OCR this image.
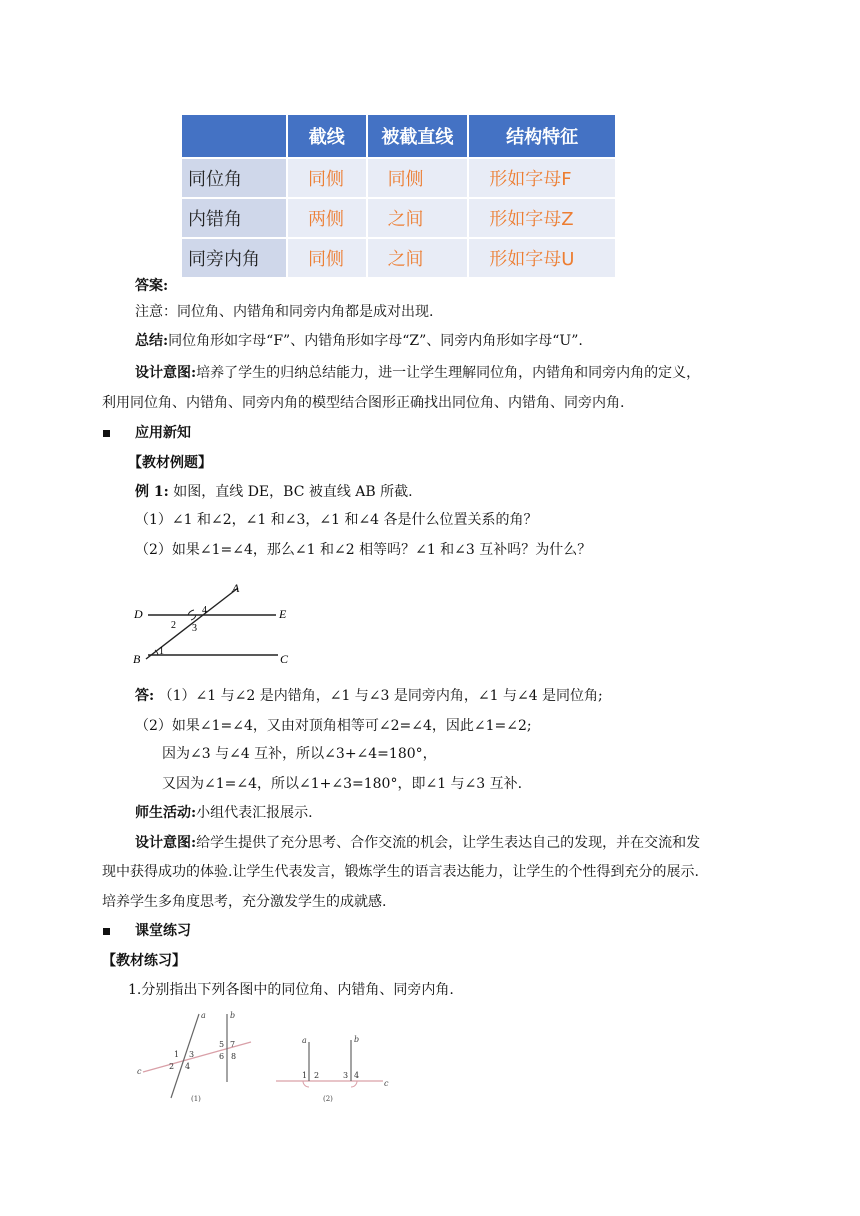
	截线	被截直线	结构特征
同位角	同侧	同侧	形如字母F
内错角	两侧	之间	形如字母Z
同旁内角	同侧	之间	形如字母U
答案:
注意：同位角、内错角和同旁内角都是成对出现.
总结:同位角形如字母“F”、内错角形如字母“Z”、同旁内角形如字母“U”.
设计意图:培养了学生的归纳总结能力，进一让学生理解同位角，内错角和同旁内角的定义，
利用同位角、内错角、同旁内角的模型结合图形正确找出同位角、内错角、同旁内角.
应用新知
【教材例题】
例 1: 如图，直线 DE，BC 被直线 AB 所截.
（1）∠1 和∠2，∠1 和∠3，∠1 和∠4 各是什么位置关系的角？
（2）如果∠1=∠4，那么∠1 和∠2 相等吗？∠1 和∠3 互补吗？为什么？
A
D	E
B	C
1
2 3
4
答: （1）∠1 与∠2 是内错角，∠1 与∠3 是同旁内角，∠1 与∠4 是同位角;
（2）如果∠1=∠4，又由对顶角相等可∠2=∠4，因此∠1=∠2;
因为∠3 与∠4 互补，所以∠3+∠4=180°，
又因为∠1=∠4，所以∠1+∠3=180°，即∠1 与∠3 互补.
师生活动:小组代表汇报展示.
设计意图:给学生提供了充分思考、合作交流的机会，让学生表达自己的发现，并在交流和发
现中获得成功的体验.让学生代表发言，锻炼学生的语言表达能力，让学生的个性得到充分的展示.
培养学生多角度思考，充分激发学生的成就感.
课堂练习
【教材练习】
1.分别指出下列各图中的同位角、内错角、同旁内角.
a	b
c
1 3
2 4
5 7
6 8
(1)
a	b
c
1 2	3 4
(2)
